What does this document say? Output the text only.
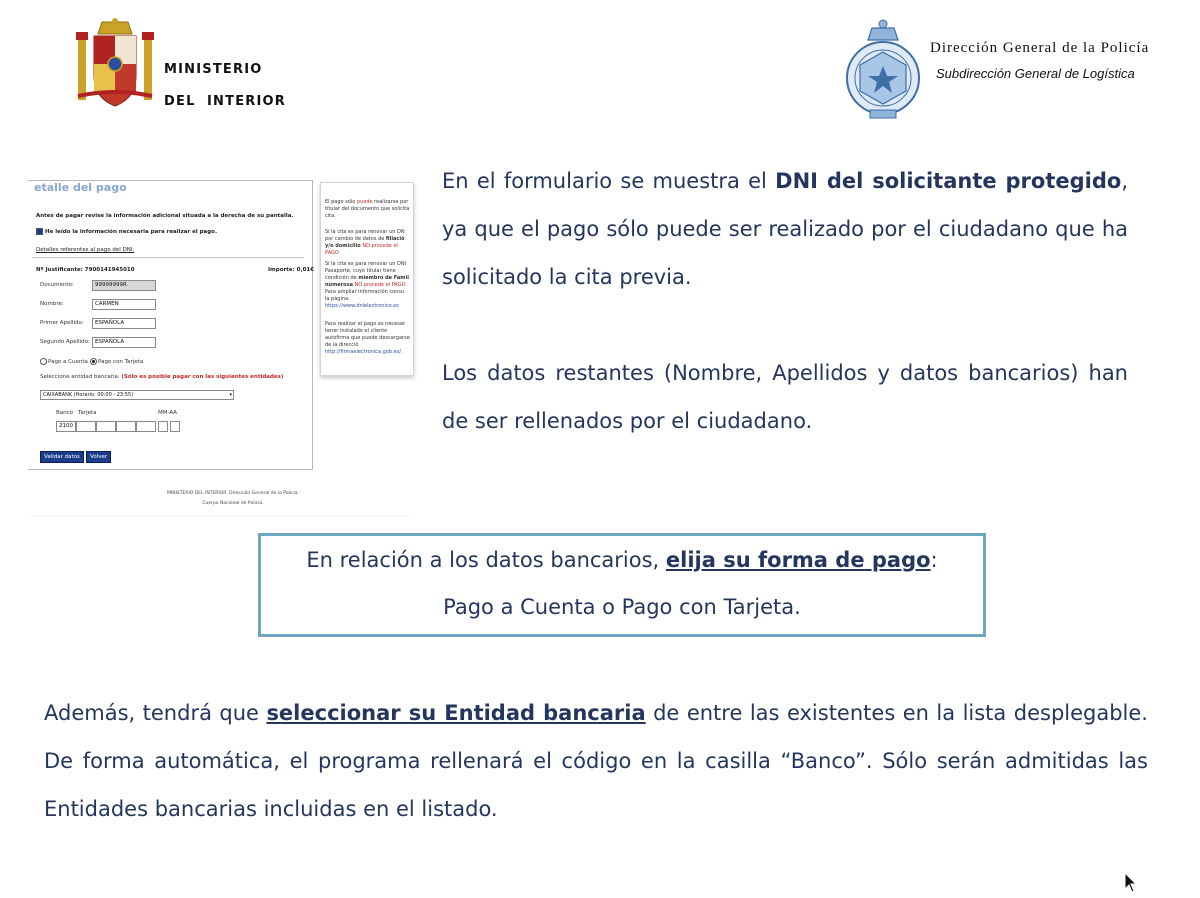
MINISTERIO
DEL  INTERIOR
Dirección General de la Policía
Subdirección General de Logística
etalle del pago
Antes de pagar revise la información adicional situada a la derecha de su pantalla.
He leído la información necesaria para realizar el pago.
Detalles referentes al pago del DNI:
Nº Justificante: 7900141945010	Importe: 0,01€
Documento:	99999999R
Nombre:	CARMEN
Primer Apellido:	ESPAÑOLA
Segundo Apellido: ESPAÑOLA
Pago a Cuenta	Pago con Tarjeta
Seleccione entidad bancaria. (Sólo es posible pagar con las siguientes entidades)
CAIXABANK (Horario: 00:00 - 23:55)	▾
Banco Tarjeta	MM-AA
2100
Validar datos	Volver
El pago sólo puede realizarse por titular del documento que solicita cita.
Si la cita es para renovar un DN por cambio de datos de filiació y/o domicilio NO procede el PAGO
Si la cita es para renovar un DNI Pasaporte, cuyo titular tiene condición de miembro de Famil numerosa NO procede el PAGO. Para ampliar información consu la página: https://www.dnielectronico.es
Para realizar el pago es necesar tener instalado el cliente autofirma que puede descargarse de la direcció http://firmaelectronica.gob.es/.
MINISTERIO DEL INTERIOR. Dirección General de la Policía.
Cuerpo Nacional de Policía.
En el formulario se muestra el DNI del solicitante protegido, ya que el pago sólo puede ser realizado por el ciudadano que ha solicitado la cita previa.
Los datos restantes (Nombre, Apellidos y datos bancarios) han de ser rellenados por el ciudadano.
En relación a los datos bancarios, elija su forma de pago:
Pago a Cuenta o Pago con Tarjeta.
Además, tendrá que seleccionar su Entidad bancaria de entre las existentes en la lista desplegable. De forma automática, el programa rellenará el código en la casilla “Banco”. Sólo serán admitidas las Entidades bancarias incluidas en el listado.
